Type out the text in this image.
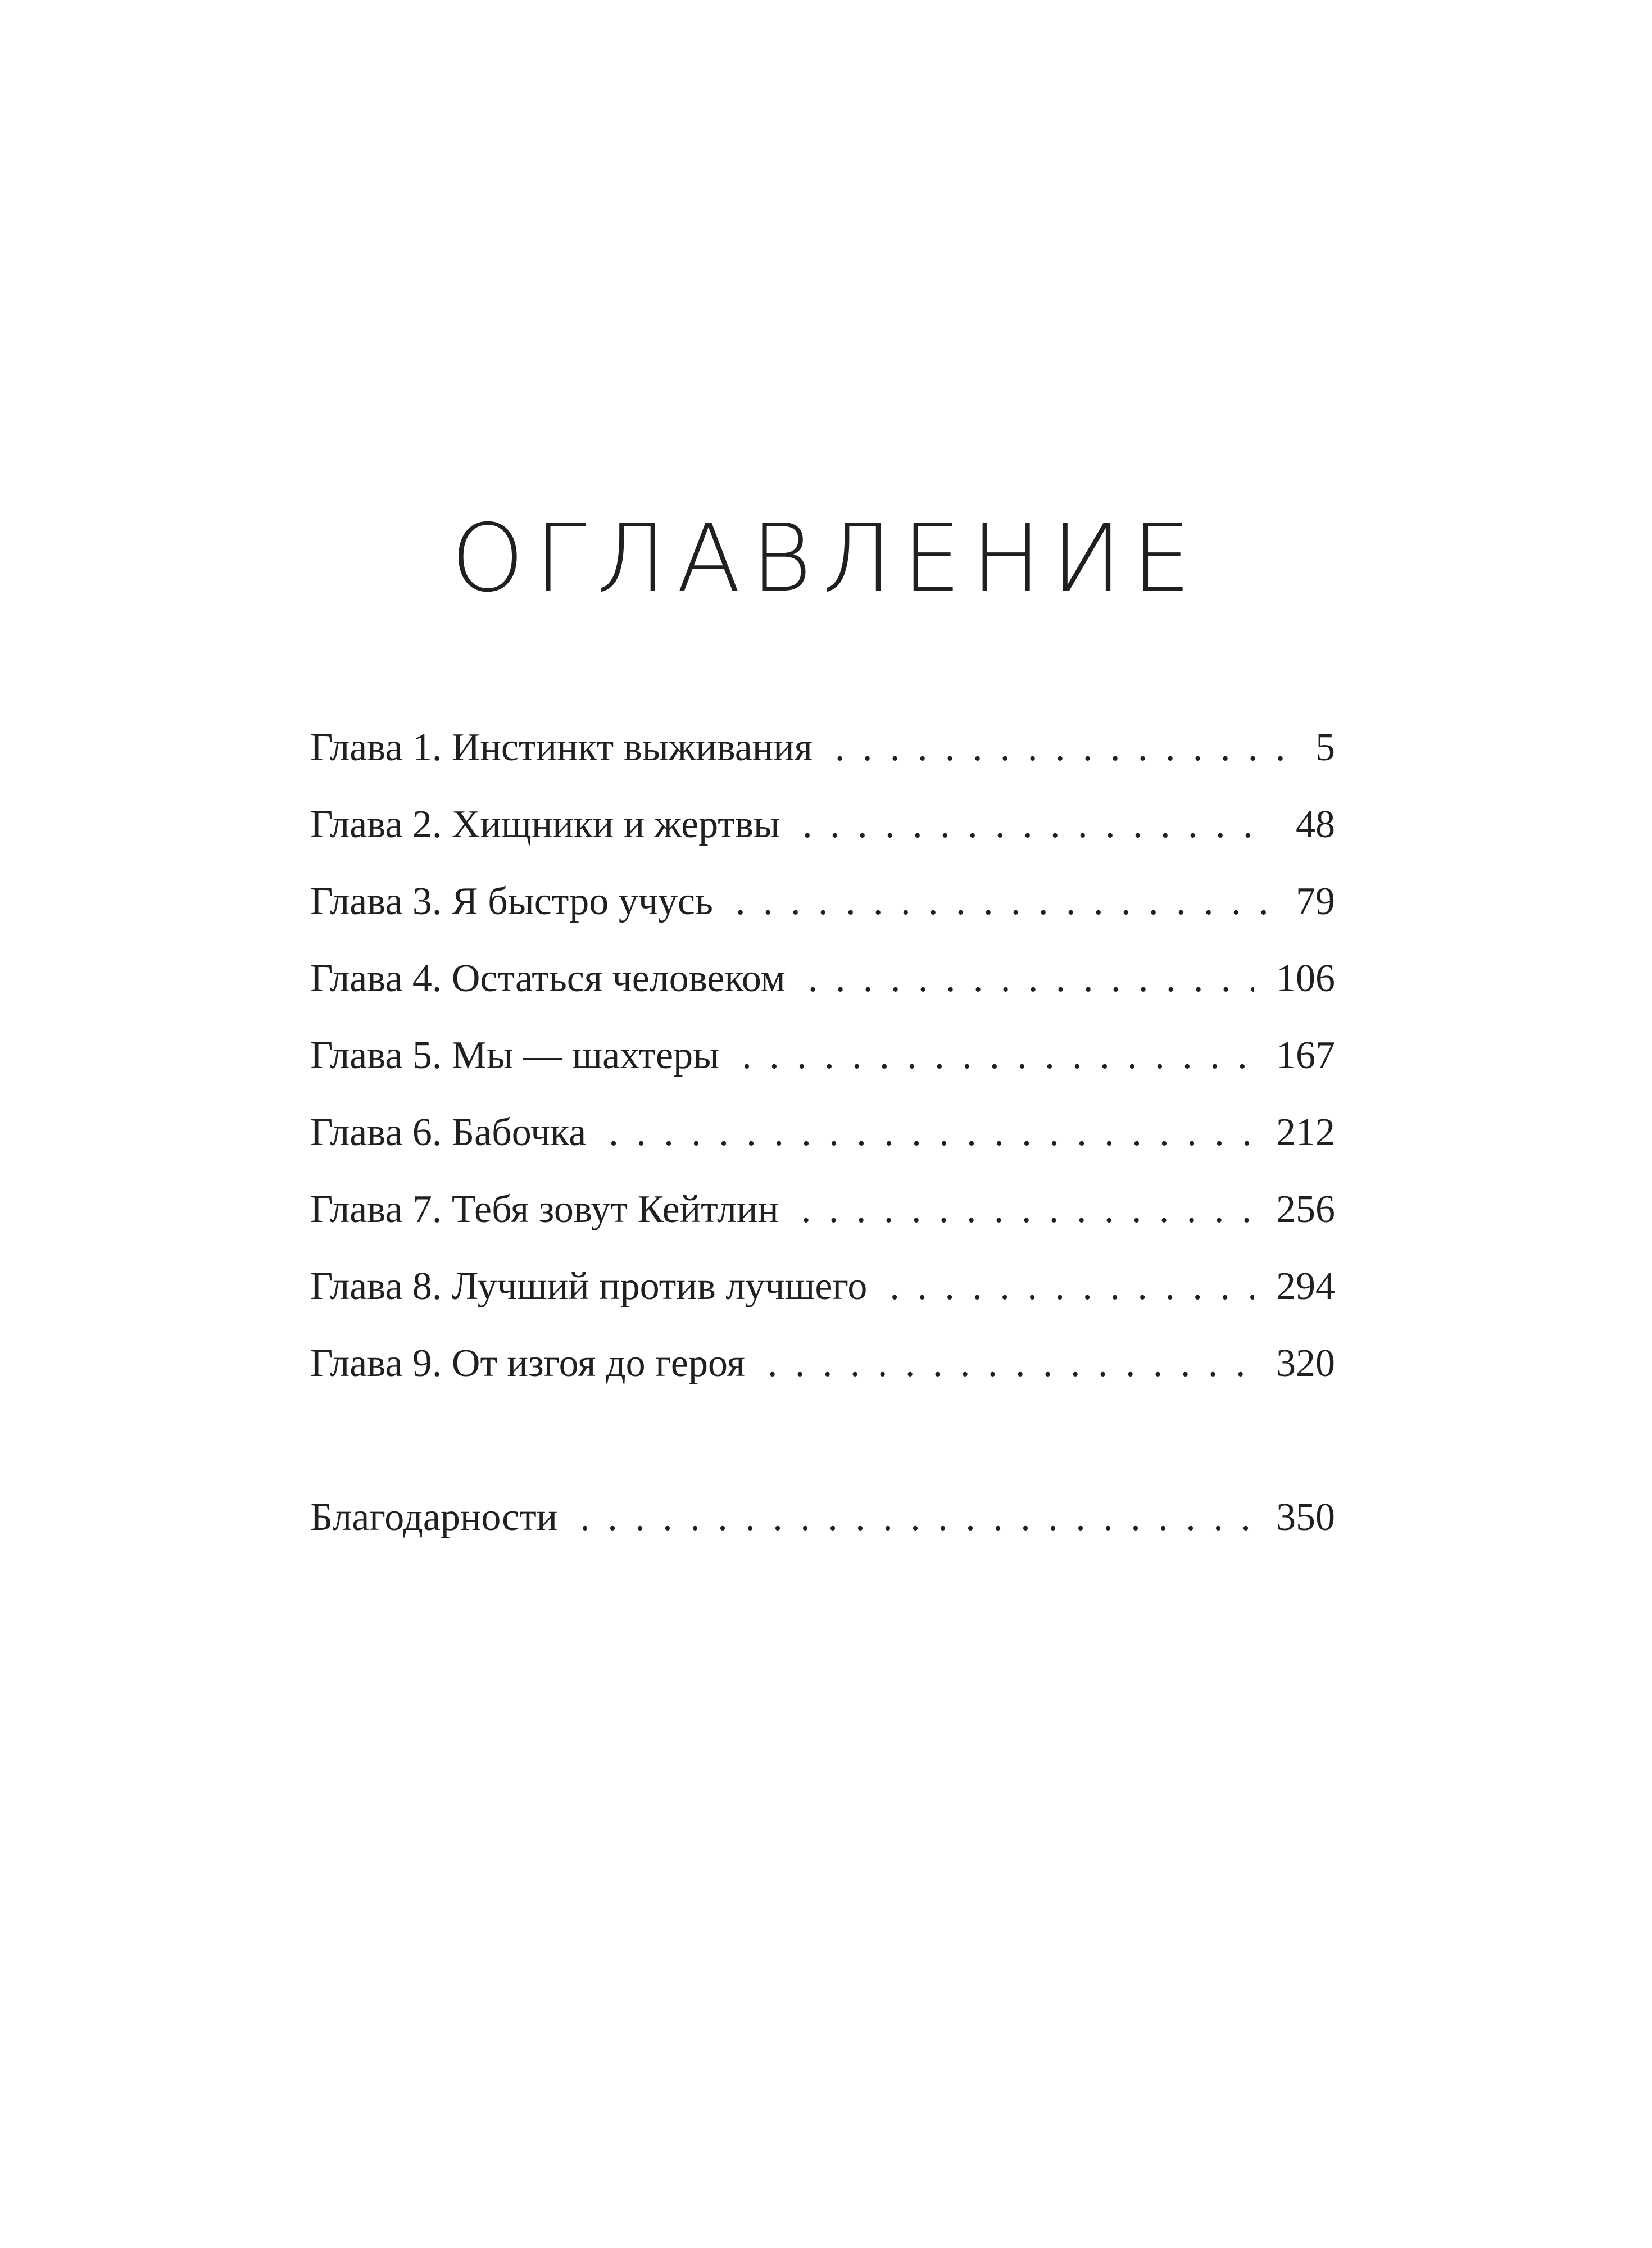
ОГЛАВЛЕНИЕ
Глава 1. Инстинкт выживания . . .	5
Глава 2. Хищники и жертвы . . .	48
Глава 3. Я быстро учусь . . .	79
Глава 4. Остаться человеком . . .	106
Глава 5. Мы — шахтеры . . .	167
Глава 6. Бабочка . . .	212
Глава 7. Тебя зовут Кейтлин . . .	256
Глава 8. Лучший против лучшего . . .	294
Глава 9. От изгоя до героя . . .	320
Благодарности . . .	350
